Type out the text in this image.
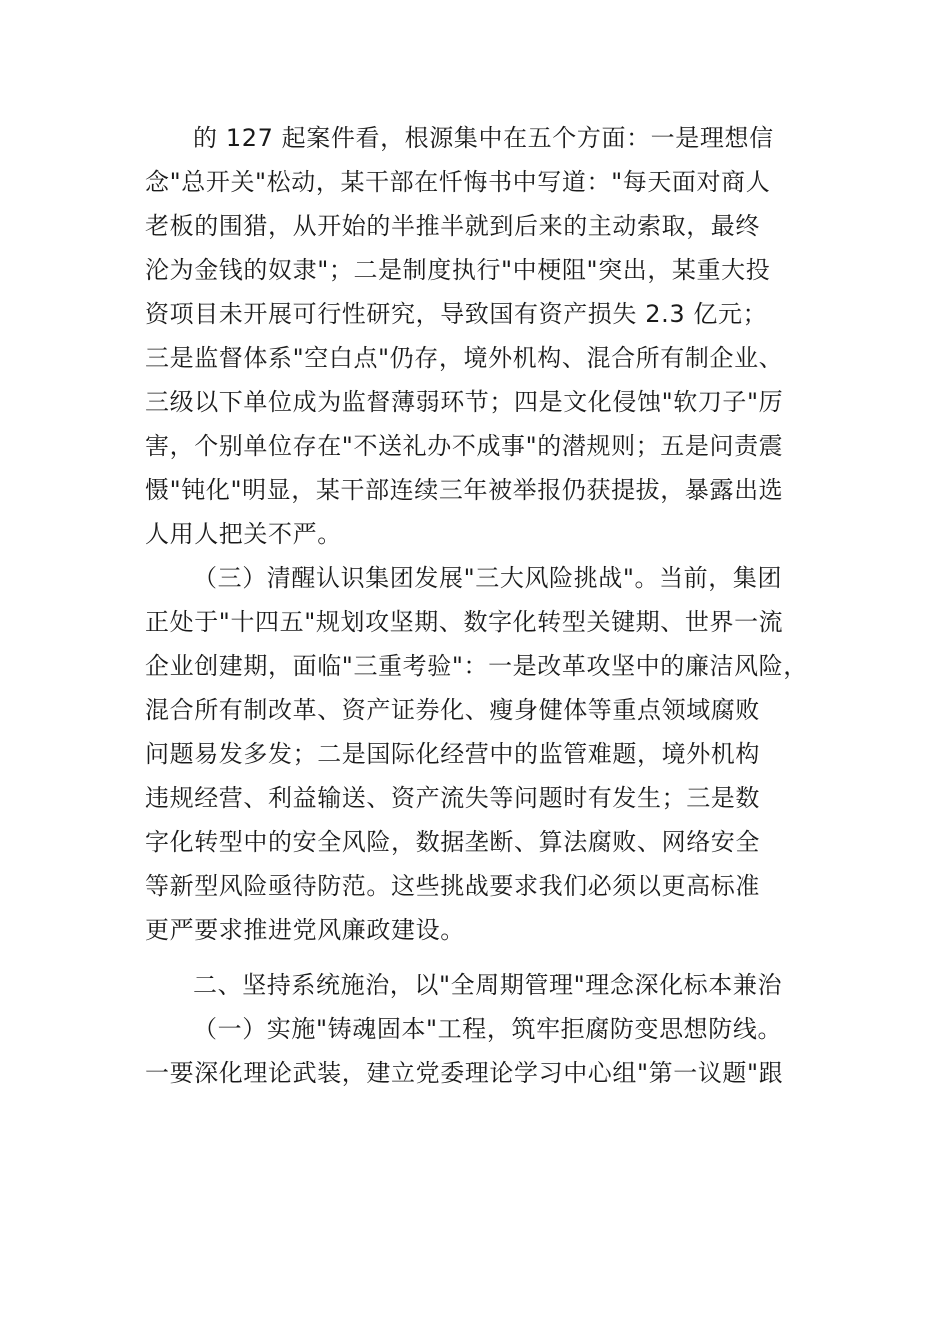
的 127 起案件看，根源集中在五个方面：一是理想信
念"总开关"松动，某干部在忏悔书中写道："每天面对商人
老板的围猎，从开始的半推半就到后来的主动索取，最终
沦为金钱的奴隶"；二是制度执行"中梗阻"突出，某重大投
资项目未开展可行性研究，导致国有资产损失 2.3 亿元；
三是监督体系"空白点"仍存，境外机构、混合所有制企业、
三级以下单位成为监督薄弱环节；四是文化侵蚀"软刀子"厉
害，个别单位存在"不送礼办不成事"的潜规则；五是问责震
慑"钝化"明显，某干部连续三年被举报仍获提拔，暴露出选
人用人把关不严。
（三）清醒认识集团发展"三大风险挑战"。当前，集团
正处于"十四五"规划攻坚期、数字化转型关键期、世界一流
企业创建期，面临"三重考验"：一是改革攻坚中的廉洁风险，
混合所有制改革、资产证券化、瘦身健体等重点领域腐败
问题易发多发；二是国际化经营中的监管难题，境外机构
违规经营、利益输送、资产流失等问题时有发生；三是数
字化转型中的安全风险，数据垄断、算法腐败、网络安全
等新型风险亟待防范。这些挑战要求我们必须以更高标准
更严要求推进党风廉政建设。
二、坚持系统施治，以"全周期管理"理念深化标本兼治
（一）实施"铸魂固本"工程，筑牢拒腐防变思想防线。
一要深化理论武装，建立党委理论学习中心组"第一议题"跟
